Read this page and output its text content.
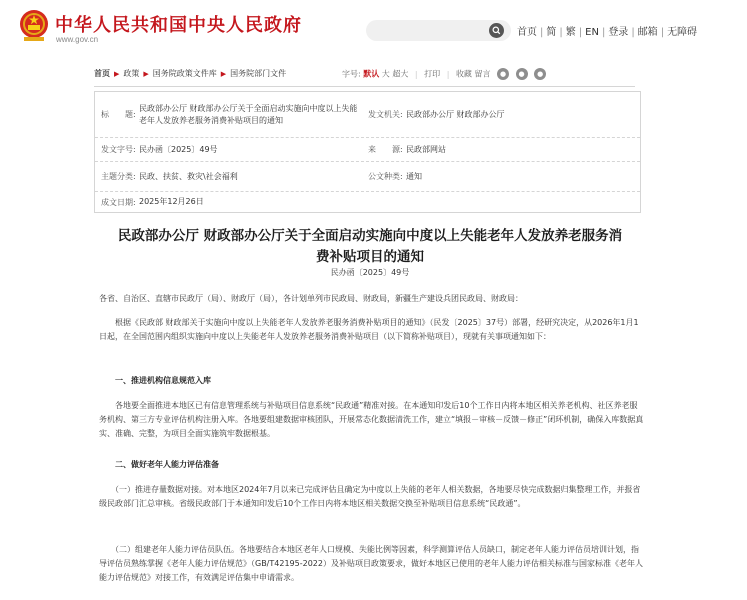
中华人民共和国中央人民政府
www.gov.cn
首页 | 简 | 繁 | EN | 登录 | 邮箱 | 无障碍
首页 ▶ 政策 ▶ 国务院政策文件库 ▶ 国务院部门文件	字号: 默认 大 超大 | 打印 | 收藏 留言 ● ● ●
标　　题:
民政部办公厅 财政部办公厅关于全面启动实施向中度以上失能老年人发放养老服务消费补贴项目的通知
发文机关: 民政部办公厅 财政部办公厅
发文字号: 民办函〔2025〕49号	来　　源: 民政部网站
主题分类: 民政、扶贫、救灾\社会福利	公文种类: 通知
成文日期: 2025年12月26日
民政部办公厅 财政部办公厅关于全面启动实施向中度以上失能老年人发放养老服务消
费补贴项目的通知
民办函〔2025〕49号
各省、自治区、直辖市民政厅（局）、财政厅（局），各计划单列市民政局、财政局，新疆生产建设兵团民政局、财政局：
　　根据《民政部 财政部关于实施向中度以上失能老年人发放养老服务消费补贴项目的通知》（民发〔2025〕37号）部署，经研究决定，从2026年1月1日起，在全国范围内组织实施向中度以上失能老年人发放养老服务消费补贴项目（以下简称补贴项目），现就有关事项通知如下：
　　一、推进机构信息规范入库
　　各地要全面推进本地区已有信息管理系统与补贴项目信息系统“民政通”精准对接。在本通知印发后10个工作日内将本地区相关养老机构、社区养老服务机构、第三方专业评估机构注册入库。各地要组建数据审核团队，开展常态化数据清洗工作，建立“填报－审核－反馈－修正”闭环机制，确保入库数据真实、准确、完整，为项目全面实施筑牢数据根基。
　　二、做好老年人能力评估准备
　　（一）推进存量数据对接。对本地区2024年7月以来已完成评估且确定为中度以上失能的老年人相关数据，各地要尽快完成数据归集整理工作，并报省级民政部门汇总审核。省级民政部门于本通知印发后10个工作日内将本地区相关数据交换至补贴项目信息系统“民政通”。
　　（二）组建老年人能力评估员队伍。各地要结合本地区老年人口规模、失能比例等因素，科学测算评估人员缺口，制定老年人能力评估员培训计划，指导评估员熟练掌握《老年人能力评估规范》（GB/T42195-2022）及补贴项目政策要求，做好本地区已使用的老年人能力评估相关标准与国家标准《老年人能力评估规范》对接工作，有效满足评估集中申请需求。
